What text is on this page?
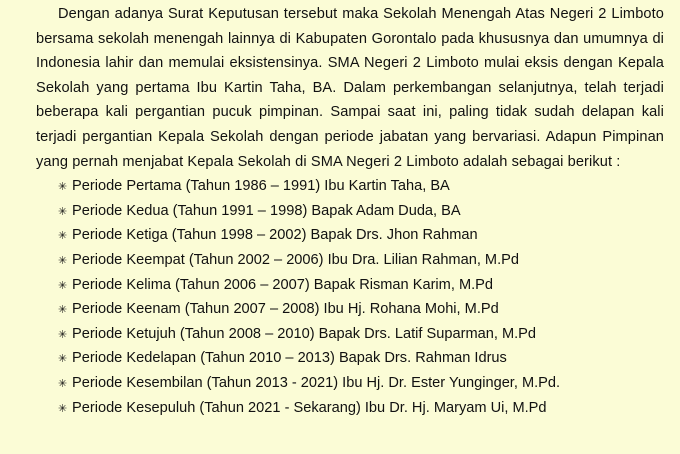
Dengan adanya Surat Keputusan tersebut maka Sekolah Menengah Atas Negeri 2 Limboto bersama sekolah menengah lainnya di Kabupaten Gorontalo pada khususnya dan umumnya di Indonesia lahir dan memulai eksistensinya. SMA Negeri 2 Limboto mulai eksis dengan Kepala Sekolah yang pertama Ibu Kartin Taha, BA. Dalam perkembangan selanjutnya, telah terjadi beberapa kali pergantian pucuk pimpinan. Sampai saat ini, paling tidak sudah delapan kali terjadi pergantian Kepala Sekolah dengan periode jabatan yang bervariasi. Adapun Pimpinan yang pernah menjabat Kepala Sekolah di SMA Negeri 2 Limboto adalah sebagai berikut :

✳ Periode Pertama (Tahun 1986 – 1991) Ibu Kartin Taha, BA
✳ Periode Kedua (Tahun 1991 – 1998) Bapak Adam Duda, BA
✳ Periode Ketiga (Tahun 1998 – 2002) Bapak Drs. Jhon Rahman
✳ Periode Keempat (Tahun 2002 – 2006) Ibu Dra. Lilian Rahman, M.Pd
✳ Periode Kelima (Tahun 2006 – 2007) Bapak Risman Karim, M.Pd
✳ Periode Keenam (Tahun 2007 – 2008) Ibu Hj. Rohana Mohi, M.Pd
✳ Periode Ketujuh (Tahun 2008 – 2010) Bapak Drs. Latif Suparman, M.Pd
✳ Periode Kedelapan (Tahun 2010 – 2013) Bapak Drs. Rahman Idrus
✳ Periode Kesembilan (Tahun 2013 - 2021) Ibu Hj. Dr. Ester Yunginger, M.Pd.
✳ Periode Kesepuluh (Tahun 2021 - Sekarang) Ibu Dr. Hj. Maryam Ui, M.Pd
